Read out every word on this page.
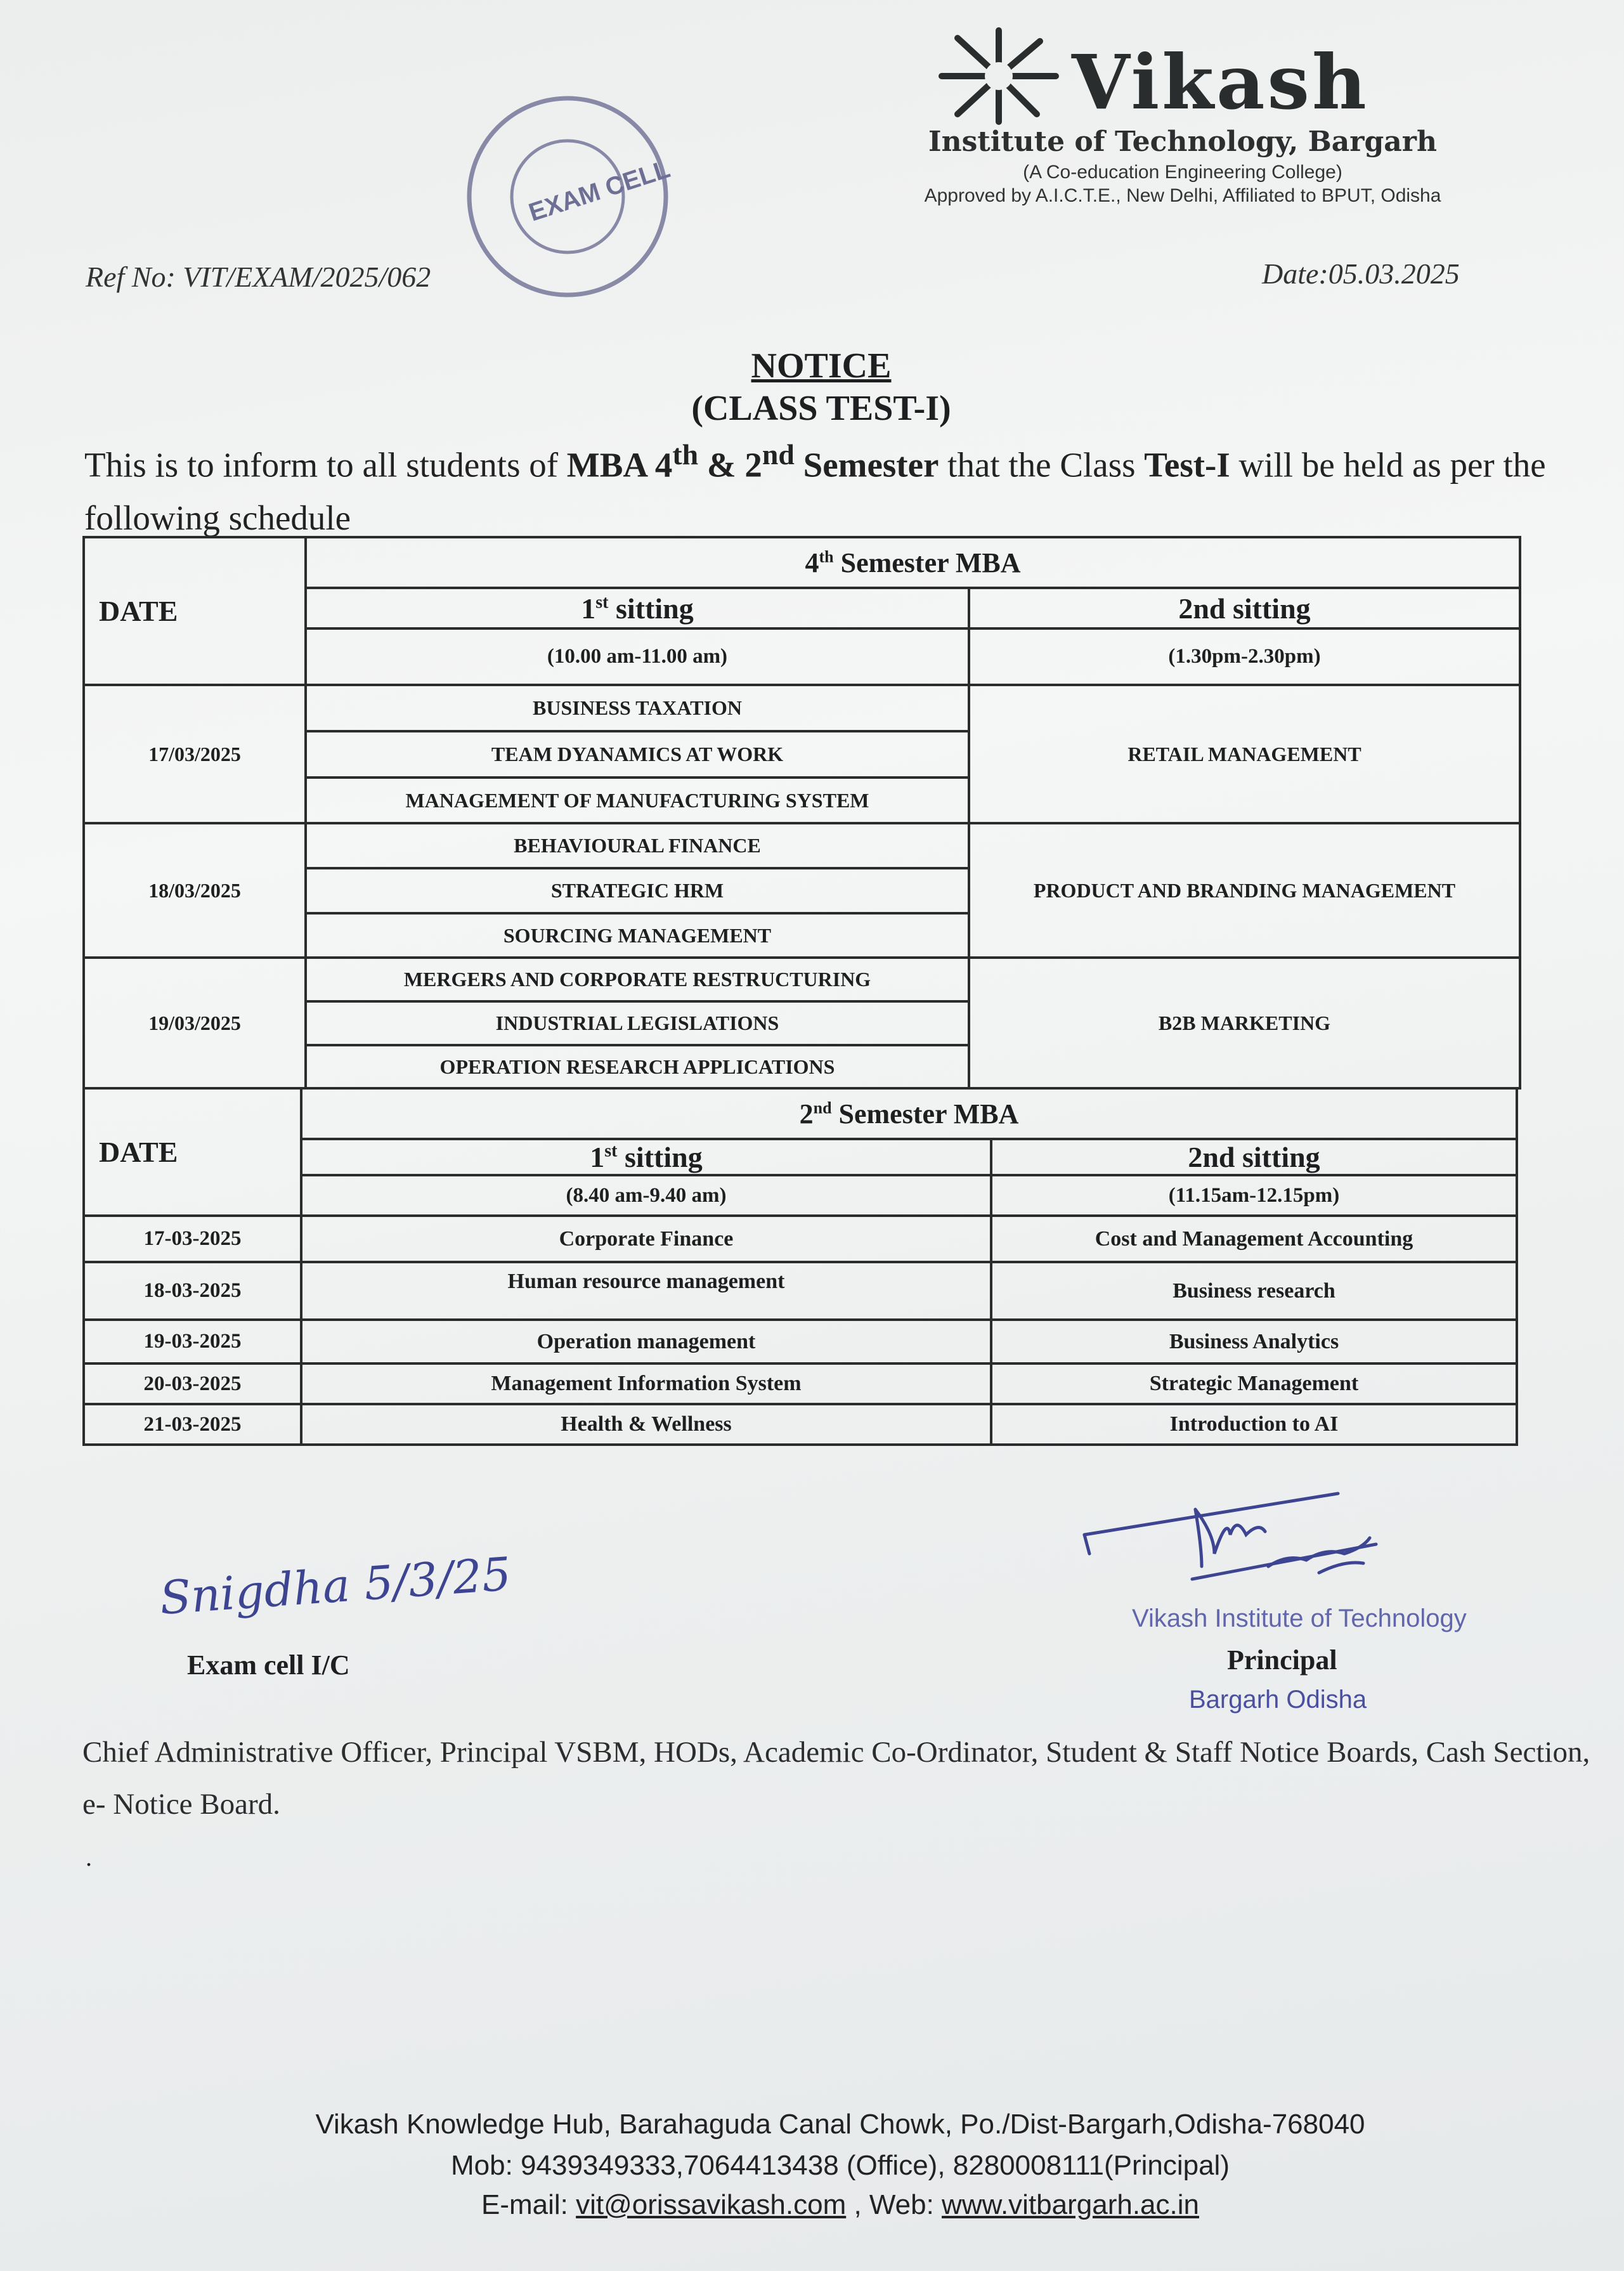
Vikash
Institute of Technology, Bargarh
(A Co-education Engineering College)
Approved by A.I.C.T.E., New Delhi, Affiliated to BPUT, Odisha
EXAM CELL
Ref No: VIT/EXAM/2025/062	Date:05.03.2025
NOTICE
(CLASS TEST-I)
This is to inform to all students of MBA 4th & 2nd Semester that the Class Test-I will be held as per the following schedule
DATE	4th Semester MBA	
	1st sitting	2nd sitting
	(10.00 am-11.00 am)	(1.30pm-2.30pm)
17/03/2025	BUSINESS TAXATION	RETAIL MANAGEMENT
	TEAM DYANAMICS AT WORK	
	MANAGEMENT OF MANUFACTURING SYSTEM	
18/03/2025	BEHAVIOURAL FINANCE	PRODUCT AND BRANDING MANAGEMENT
	STRATEGIC HRM	
	SOURCING MANAGEMENT	
19/03/2025	MERGERS AND CORPORATE RESTRUCTURING	B2B MARKETING
	INDUSTRIAL LEGISLATIONS	
	OPERATION RESEARCH APPLICATIONS	
DATE	2nd Semester MBA	
	1st sitting	2nd sitting
	(8.40 am-9.40 am)	(11.15am-12.15pm)
17-03-2025	Corporate Finance	Cost and Management Accounting
18-03-2025	Human resource management	Business research
19-03-2025	Operation management	Business Analytics
20-03-2025	Management Information System	Strategic Management
21-03-2025	Health & Wellness	Introduction to AI
Snigdha 5/3/25
Exam cell I/C
Vikash Institute of Technology
Principal
Bargarh Odisha
Chief Administrative Officer, Principal VSBM, HODs, Academic Co-Ordinator, Student & Staff Notice Boards, Cash Section, e- Notice Board.
.
Vikash Knowledge Hub, Barahaguda Canal Chowk, Po./Dist-Bargarh,Odisha-768040
Mob: 9439349333,7064413438 (Office), 8280008111(Principal)
E-mail: vit@orissavikash.com , Web: www.vitbargarh.ac.in
